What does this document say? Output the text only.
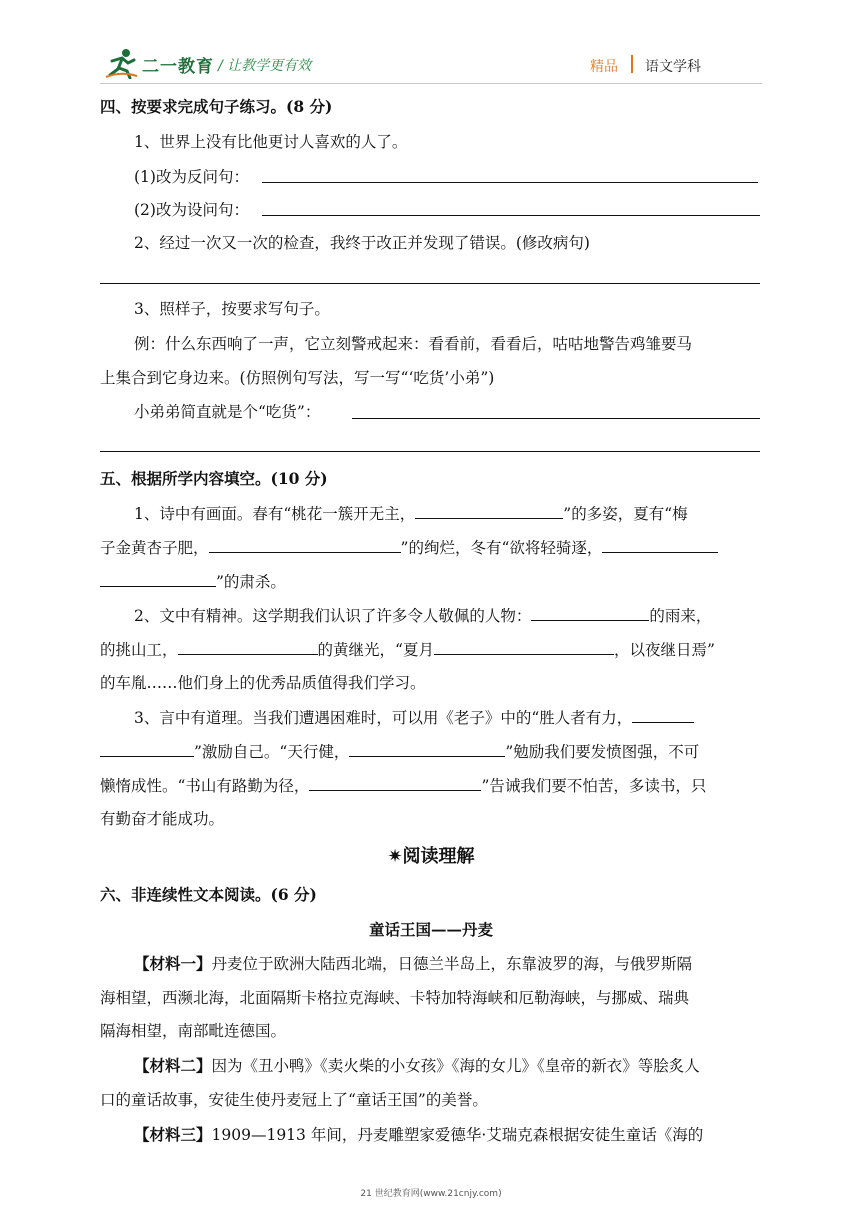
二一教育 / 让教学更有效	精品 语文学科
四、按要求完成句子练习。(8 分)
1、世界上没有比他更讨人喜欢的人了。
(1)改为反问句：
(2)改为设问句：
2、经过一次又一次的检查，我终于改正并发现了错误。(修改病句)
3、照样子，按要求写句子。
例：什么东西响了一声，它立刻警戒起来：看看前，看看后，咕咕地警告鸡雏要马
上集合到它身边来。(仿照例句写法，写一写“‘吃货’小弟”)
小弟弟简直就是个“吃货”：
五、根据所学内容填空。(10 分)
1、诗中有画面。春有“桃花一簇开无主，	”的多姿，夏有“梅
子金黄杏子肥，	”的绚烂，冬有“欲将轻骑逐，
”的肃杀。
2、文中有精神。这学期我们认识了许多令人敬佩的人物：	的雨来，
的挑山工，	的黄继光，“夏月	，以夜继日焉”
的车胤……他们身上的优秀品质值得我们学习。
3、言中有道理。当我们遭遇困难时，可以用《老子》中的“胜人者有力，
”激励自己。“天行健，	”勉励我们要发愤图强，不可
懒惰成性。“书山有路勤为径，	”告诫我们要不怕苦，多读书，只
有勤奋才能成功。
✷阅读理解
六、非连续性文本阅读。(6 分)
童话王国——丹麦
【材料一】丹麦位于欧洲大陆西北端，日德兰半岛上，东靠波罗的海，与俄罗斯隔
海相望，西濒北海，北面隔斯卡格拉克海峡、卡特加特海峡和厄勒海峡，与挪威、瑞典
隔海相望，南部毗连德国。
【材料二】因为《丑小鸭》《卖火柴的小女孩》《海的女儿》《皇帝的新衣》等脍炙人
口的童话故事，安徒生使丹麦冠上了“童话王国”的美誉。
【材料三】1909—1913 年间，丹麦雕塑家爱德华·艾瑞克森根据安徒生童话《海的
21 世纪教育网(www.21cnjy.com)
